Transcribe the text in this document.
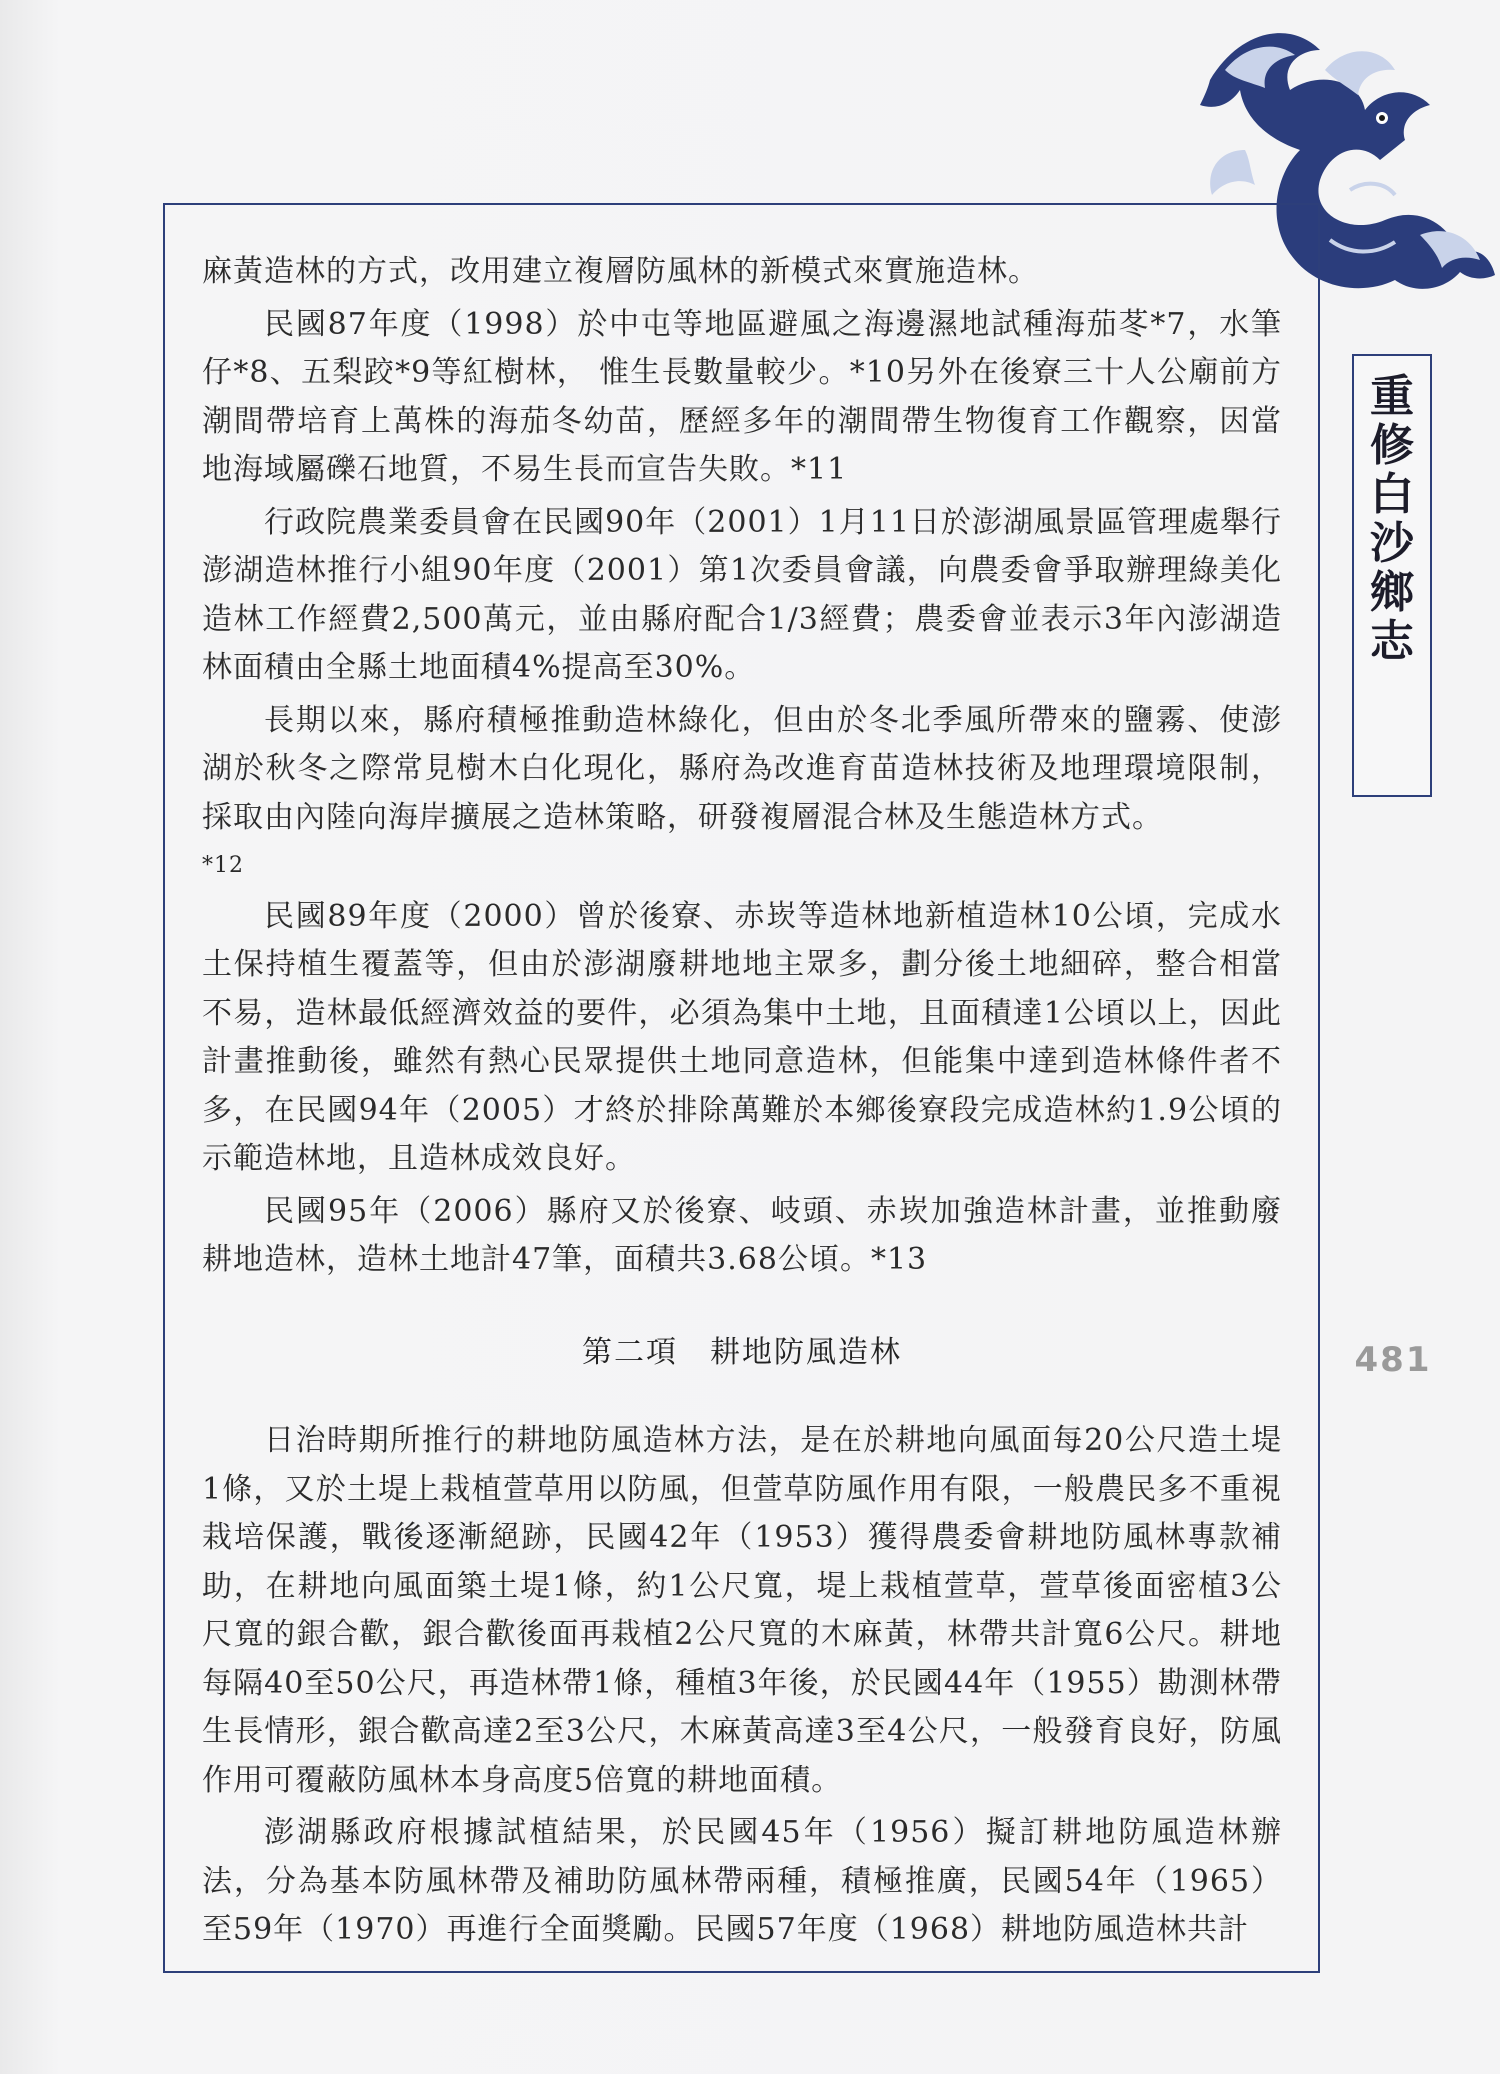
重
修
白
沙
鄉
志
481

麻黃造林的方式，改用建立複層防風林的新模式來實施造林。

民國87年度（1998）於中屯等地區避風之海邊濕地試種海茄苳*7，水筆仔*8、五梨跤*9等紅樹林， 惟生長數量較少。*10另外在後寮三十人公廟前方潮間帶培育上萬株的海茄冬幼苗，歷經多年的潮間帶生物復育工作觀察，因當地海域屬礫石地質，不易生長而宣告失敗。*11

行政院農業委員會在民國90年（2001）1月11日於澎湖風景區管理處舉行澎湖造林推行小組90年度（2001）第1次委員會議，向農委會爭取辦理綠美化造林工作經費2,500萬元，並由縣府配合1/3經費；農委會並表示3年內澎湖造林面積由全縣土地面積4%提高至30%。

長期以來，縣府積極推動造林綠化，但由於冬北季風所帶來的鹽霧、使澎湖於秋冬之際常見樹木白化現化，縣府為改進育苗造林技術及地理環境限制，採取由內陸向海岸擴展之造林策略，研發複層混合林及生態造林方式。

*12

民國89年度（2000）曾於後寮、赤崁等造林地新植造林10公頃，完成水土保持植生覆蓋等，但由於澎湖廢耕地地主眾多，劃分後土地細碎，整合相當不易，造林最低經濟效益的要件，必須為集中土地，且面積達1公頃以上，因此計畫推動後，雖然有熱心民眾提供土地同意造林，但能集中達到造林條件者不多，在民國94年（2005）才終於排除萬難於本鄉後寮段完成造林約1.9公頃的示範造林地，且造林成效良好。

民國95年（2006）縣府又於後寮、岐頭、赤崁加強造林計畫，並推動廢耕地造林，造林土地計47筆，面積共3.68公頃。*13

第二項　耕地防風造林

日治時期所推行的耕地防風造林方法，是在於耕地向風面每20公尺造土堤1條，又於土堤上栽植萱草用以防風，但萱草防風作用有限，一般農民多不重視栽培保護，戰後逐漸絕跡，民國42年（1953）獲得農委會耕地防風林專款補助，在耕地向風面築土堤1條，約1公尺寬，堤上栽植萱草，萱草後面密植3公尺寬的銀合歡，銀合歡後面再栽植2公尺寬的木麻黃，林帶共計寬6公尺。耕地每隔40至50公尺，再造林帶1條，種植3年後，於民國44年（1955）勘測林帶生長情形，銀合歡高達2至3公尺，木麻黃高達3至4公尺，一般發育良好，防風作用可覆蔽防風林本身高度5倍寬的耕地面積。

澎湖縣政府根據試植結果，於民國45年（1956）擬訂耕地防風造林辦法，分為基本防風林帶及補助防風林帶兩種，積極推廣，民國54年（1965）至59年（1970）再進行全面獎勵。民國57年度（1968）耕地防風造林共計
